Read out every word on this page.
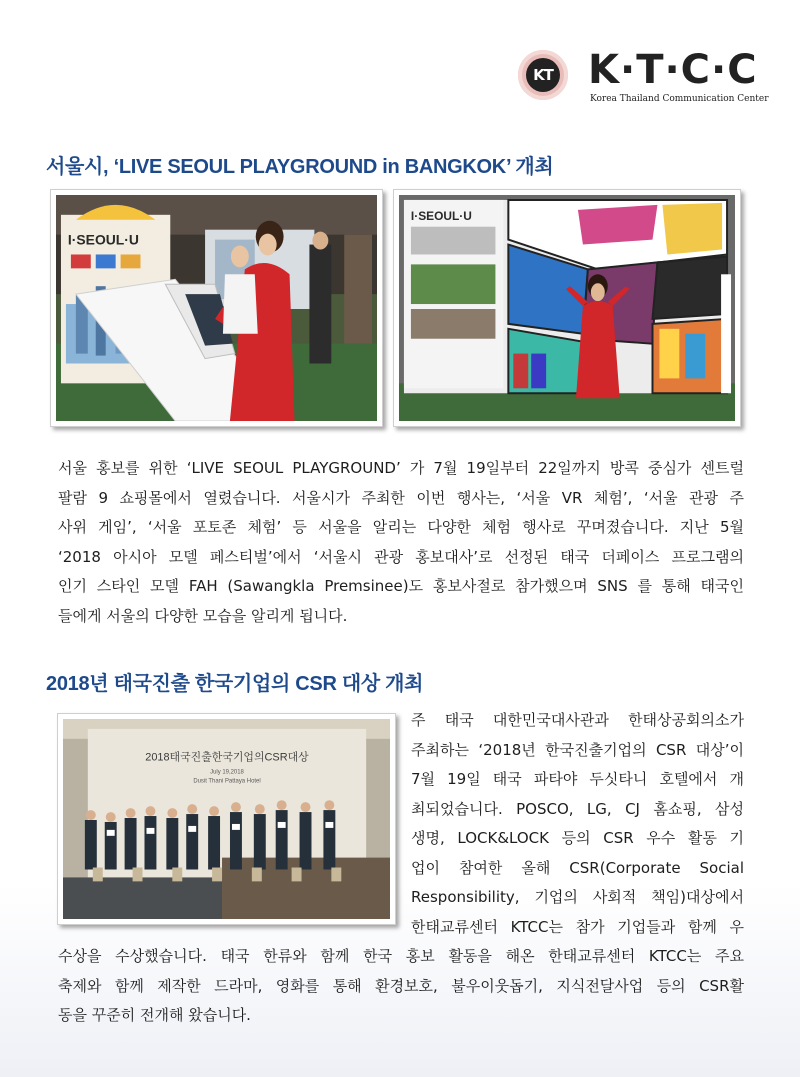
KT K·T·C·C
Korea Thailand Communication Center
서울시, ‘LIVE SEOUL PLAYGROUND in BANGKOK’ 개최
I·SEOUL·U
I·SEOUL·U
서울 홍보를 위한 ‘LIVE SEOUL PLAYGROUND’ 가 7월 19일부터 22일까지 방콕 중심가 센트럴
팔람 9 쇼핑몰에서 열렸습니다. 서울시가 주최한 이번 행사는, ‘서울 VR 체험’, ‘서울 관광 주
사위 게임’, ‘서울 포토존 체험’ 등 서울을 알리는 다양한 체험 행사로 꾸며졌습니다. 지난 5월
‘2018 아시아 모델 페스티벌’에서 ‘서울시 관광 홍보대사’로 선정된 태국 더페이스 프로그램의
인기 스타인 모델 FAH (Sawangkla Premsinee)도 홍보사절로 참가했으며 SNS 를 통해 태국인
들에게 서울의 다양한 모습을 알리게 됩니다.
2018년 태국진출 한국기업의 CSR 대상 개최
2018태국진출한국기업의CSR대상
July 19,2018
Dusit Thani Pattaya Hotel
주 태국 대한민국대사관과 한태상공회의소가
주최하는 ‘2018년 한국진출기업의 CSR 대상’이
7월 19일 태국 파타야 두싯타니 호텔에서 개
최되었습니다. POSCO, LG, CJ 홈쇼핑, 삼성
생명, LOCK&LOCK 등의 CSR 우수 활동 기
업이 참여한 올해 CSR(Corporate Social
Responsibility, 기업의 사회적 책임)대상에서
한태교류센터 KTCC는 참가 기업들과 함께 우
수상을 수상했습니다. 태국 한류와 함께 한국 홍보 활동을 해온 한태교류센터 KTCC는 주요
축제와 함께 제작한 드라마, 영화를 통해 환경보호, 불우이웃돕기, 지식전달사업 등의 CSR활
동을 꾸준히 전개해 왔습니다.
